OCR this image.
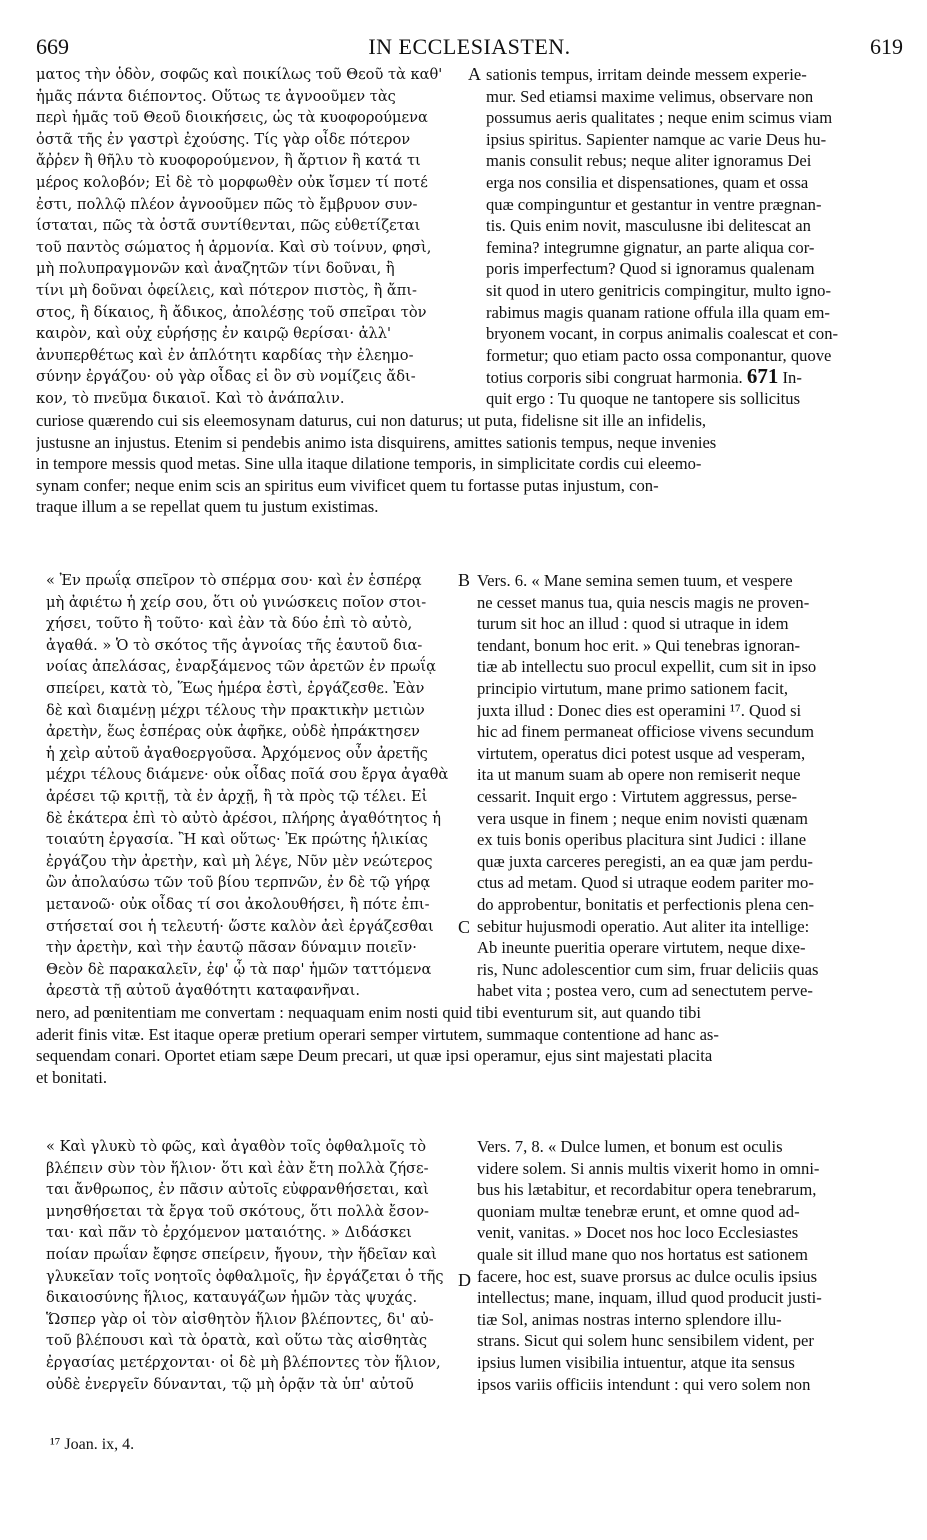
669	IN ECCLESIASTEN.	619
ματος τὴν ὁδὸν, σοφῶς καὶ ποικίλως τοῦ Θεοῦ τὰ καθ'
ἡμᾶς πάντα διέποντος. Οὕτως τε ἀγνοοῦμεν τὰς
περὶ ἡμᾶς τοῦ Θεοῦ διοικήσεις, ὡς τὰ κυοφορούμενα
ὀστᾶ τῆς ἐν γαστρὶ ἐχούσης. Τίς γὰρ οἶδε πότερον
ἄῤῥεν ἢ θῆλυ τὸ κυοφορούμενον, ἢ ἄρτιον ἢ κατά τι
μέρος κολοβόν; Εἰ δὲ τὸ μορφωθὲν οὐκ ἴσμεν τί ποτέ
ἐστι, πολλῷ πλέον ἀγνοοῦμεν πῶς τὸ ἔμβρυον συν-
ίσταται, πῶς τὰ ὀστᾶ συντίθενται, πῶς εὐθετίζεται
τοῦ παντὸς σώματος ἡ ἁρμονία. Καὶ σὺ τοίνυν, φησὶ,
μὴ πολυπραγμονῶν καὶ ἀναζητῶν τίνι δοῦναι, ἢ
τίνι μὴ δοῦναι ὀφείλεις, καὶ πότερον πιστὸς, ἢ ἄπι-
στος, ἢ δίκαιος, ἢ ἄδικος, ἀπολέσῃς τοῦ σπεῖραι τὸν
καιρὸν, καὶ οὐχ εὑρήσῃς ἐν καιρῷ θερίσαι· ἀλλ'
ἀνυπερθέτως καὶ ἐν ἁπλότητι καρδίας τὴν ἐλεημο-
σύνην ἐργάζου· οὐ γὰρ οἶδας εἰ ὃν σὺ νομίζεις ἄδι-
κον, τὸ πνεῦμα δικαιοῖ. Καὶ τὸ ἀνάπαλιν.
A sationis tempus, irritam deinde messem experie-
mur. Sed etiamsi maxime velimus, observare non
possumus aeris qualitates ; neque enim scimus viam
ipsius spiritus. Sapienter namque ac varie Deus hu-
manis consulit rebus; neque aliter ignoramus Dei
erga nos consilia et dispensationes, quam et ossa
quæ compinguntur et gestantur in ventre prægnan-
tis. Quis enim novit, masculusne ibi delitescat an
femina? integrumne gignatur, an parte aliqua cor-
poris imperfectum? Quod si ignoramus qualenam
sit quod in utero genitricis compingitur, multo igno-
rabimus magis quanam ratione offula illa quam em-
bryonem vocant, in corpus animalis coalescat et con-
formetur; quo etiam pacto ossa componantur, quove
totius corporis sibi congruat harmonia. 671 In-
quit ergo : Tu quoque ne tantopere sis sollicitus
curiose quærendo cui sis eleemosynam daturus, cui non daturus; ut puta, fidelisne sit ille an infidelis,
justusne an injustus. Etenim si pendebis animo ista disquirens, amittes sationis tempus, neque invenies
in tempore messis quod metas. Sine ulla itaque dilatione temporis, in simplicitate cordis cui eleemo-
synam confer; neque enim scis an spiritus eum vivificet quem tu fortasse putas injustum, con-
traque illum a se repellat quem tu justum existimas.
« Ἐν πρωΐᾳ σπεῖρον τὸ σπέρμα σου· καὶ ἐν ἑσπέρᾳ
μὴ ἀφιέτω ἡ χείρ σου, ὅτι οὐ γινώσκεις ποῖον στοι-
χήσει, τοῦτο ἢ τοῦτο· καὶ ἐὰν τὰ δύο ἐπὶ τὸ αὐτὸ,
ἀγαθά. » Ὁ τὸ σκότος τῆς ἀγνοίας τῆς ἑαυτοῦ δια-
νοίας ἀπελάσας, ἐναρξάμενος τῶν ἀρετῶν ἐν πρωΐᾳ
σπείρει, κατὰ τὸ, Ἕως ἡμέρα ἐστὶ, ἐργάζεσθε. Ἐὰν
δὲ καὶ διαμένῃ μέχρι τέλους τὴν πρακτικὴν μετιὼν
ἀρετὴν, ἕως ἑσπέρας οὐκ ἀφῆκε, οὐδὲ ἠπράκτησεν
ἡ χεὶρ αὐτοῦ ἀγαθοεργοῦσα. Ἀρχόμενος οὖν ἀρετῆς
μέχρι τέλους διάμενε· οὐκ οἶδας ποῖά σου ἔργα ἀγαθὰ
ἀρέσει τῷ κριτῇ, τὰ ἐν ἀρχῇ, ἢ τὰ πρὸς τῷ τέλει. Εἰ
δὲ ἑκάτερα ἐπὶ τὸ αὐτὸ ἀρέσοι, πλήρης ἀγαθότητος ἡ
τοιαύτη ἐργασία. Ἢ καὶ οὕτως· Ἐκ πρώτης ἡλικίας
ἐργάζου τὴν ἀρετὴν, καὶ μὴ λέγε, Νῦν μὲν νεώτερος
ὢν ἀπολαύσω τῶν τοῦ βίου τερπνῶν, ἐν δὲ τῷ γήρᾳ
μετανοῶ· οὐκ οἶδας τί σοι ἀκολουθήσει, ἢ πότε ἐπι-
στήσεταί σοι ἡ τελευτή· ὥστε καλὸν ἀεὶ ἐργάζεσθαι
τὴν ἀρετὴν, καὶ τὴν ἑαυτῷ πᾶσαν δύναμιν ποιεῖν·
Θεὸν δὲ παρακαλεῖν, ἐφ' ᾧ τὰ παρ' ἡμῶν ταττόμενα
ἀρεστὰ τῇ αὐτοῦ ἀγαθότητι καταφανῆναι.
B
C
Vers. 6. « Mane semina semen tuum, et vespere
ne cesset manus tua, quia nescis magis ne proven-
turum sit hoc an illud : quod si utraque in idem
tendant, bonum hoc erit. » Qui tenebras ignoran-
tiæ ab intellectu suo procul expellit, cum sit in ipso
principio virtutum, mane primo sationem facit,
juxta illud : Donec dies est operamini ¹⁷. Quod si
hic ad finem permaneat officiose vivens secundum
virtutem, operatus dici potest usque ad vesperam,
ita ut manum suam ab opere non remiserit neque
cessarit. Inquit ergo : Virtutem aggressus, perse-
vera usque in finem ; neque enim novisti quænam
ex tuis bonis operibus placitura sint Judici : illane
quæ juxta carceres peregisti, an ea quæ jam perdu-
ctus ad metam. Quod si utraque eodem pariter mo-
do approbentur, bonitatis et perfectionis plena cen-
sebitur hujusmodi operatio. Aut aliter ita intellige:
Ab ineunte pueritia operare virtutem, neque dixe-
ris, Nunc adolescentior cum sim, fruar deliciis quas
habet vita ; postea vero, cum ad senectutem perve-
nero, ad pœnitentiam me convertam : nequaquam enim nosti quid tibi eventurum sit, aut quando tibi
aderit finis vitæ. Est itaque operæ pretium operari semper virtutem, summaque contentione ad hanc as-
sequendam conari. Oportet etiam sæpe Deum precari, ut quæ ipsi operamur, ejus sint majestati placita
et bonitati.
« Καὶ γλυκὺ τὸ φῶς, καὶ ἀγαθὸν τοῖς ὀφθαλμοῖς τὸ
βλέπειν σὺν τὸν ἥλιον· ὅτι καὶ ἐὰν ἔτη πολλὰ ζήσε-
ται ἄνθρωπος, ἐν πᾶσιν αὐτοῖς εὐφρανθήσεται, καὶ
μνησθήσεται τὰ ἔργα τοῦ σκότους, ὅτι πολλὰ ἔσον-
ται· καὶ πᾶν τὸ ἐρχόμενον ματαιότης. » Διδάσκει
ποίαν πρωΐαν ἔφησε σπείρειν, ἤγουν, τὴν ἥδεῖαν καὶ
γλυκεῖαν τοῖς νοητοῖς ὀφθαλμοῖς, ἣν ἐργάζεται ὁ τῆς
δικαιοσύνης ἥλιος, καταυγάζων ἡμῶν τὰς ψυχάς.
Ὥσπερ γὰρ οἱ τὸν αἰσθητὸν ἥλιον βλέποντες, δι' αὐ-
τοῦ βλέπουσι καὶ τὰ ὁρατὰ, καὶ οὕτω τὰς αἰσθητὰς
ἐργασίας μετέρχονται· οἱ δὲ μὴ βλέποντες τὸν ἥλιον,
οὐδὲ ἐνεργεῖν δύνανται, τῷ μὴ ὁρᾷν τὰ ὑπ' αὐτοῦ
D
Vers. 7, 8. « Dulce lumen, et bonum est oculis
videre solem. Si annis multis vixerit homo in omni-
bus his lætabitur, et recordabitur opera tenebrarum,
quoniam multæ tenebræ erunt, et omne quod ad-
venit, vanitas. » Docet nos hoc loco Ecclesiastes
quale sit illud mane quo nos hortatus est sationem
facere, hoc est, suave prorsus ac dulce oculis ipsius
intellectus; mane, inquam, illud quod producit justi-
tiæ Sol, animas nostras interno splendore illu-
strans. Sicut qui solem hunc sensibilem vident, per
ipsius lumen visibilia intuentur, atque ita sensus
ipsos variis officiis intendunt : qui vero solem non
¹⁷ Joan. ix, 4.
